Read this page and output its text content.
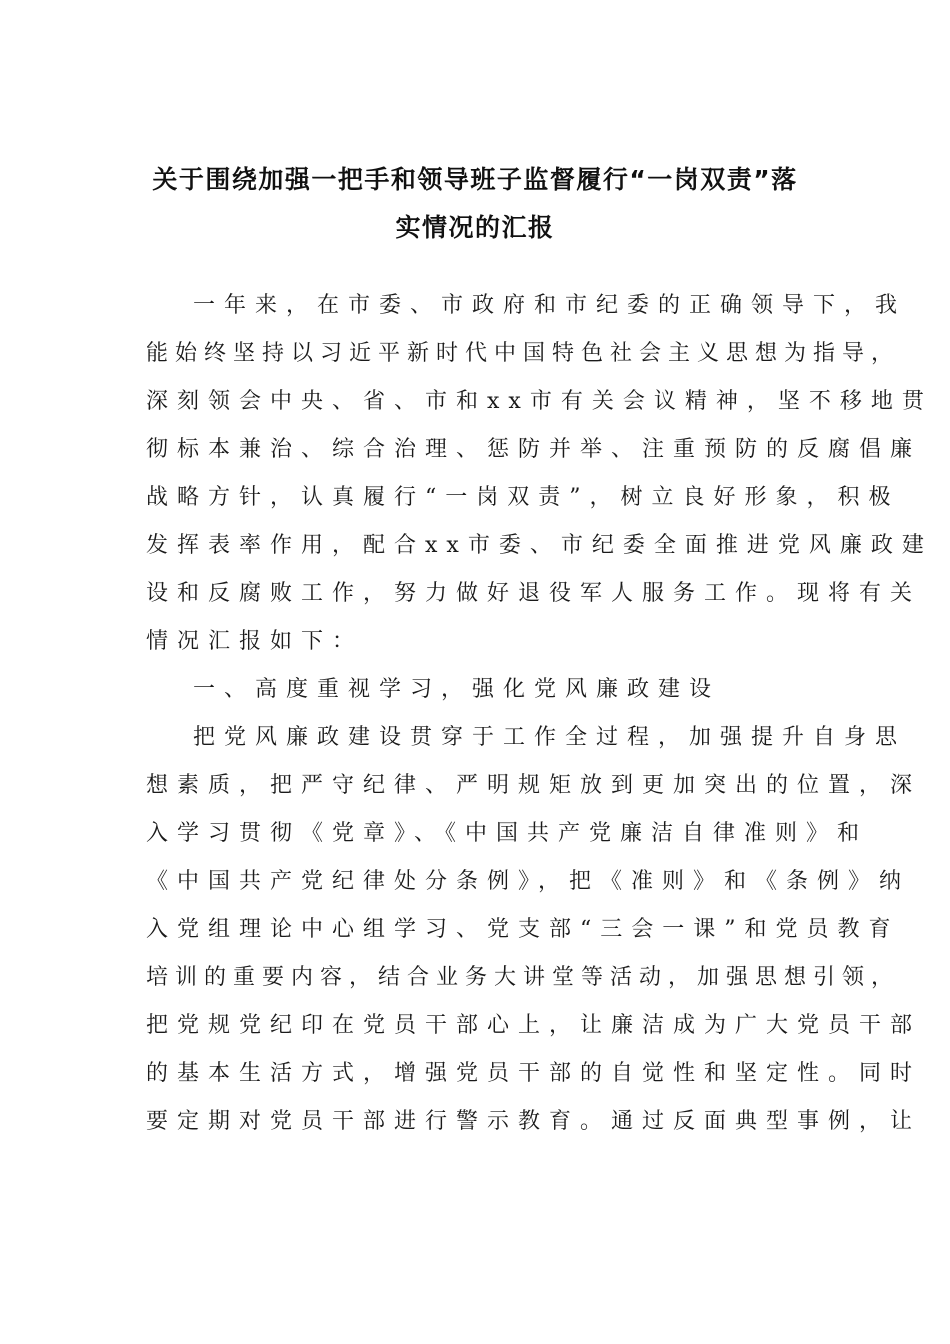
关于围绕加强一把手和领导班子监督履行“一岗双责”落
实情况的汇报
一年来，在市委、市政府和市纪委的正确领导下，我
能始终坚持以习近平新时代中国特色社会主义思想为指导，
深刻领会中央、省、市和xx市有关会议精神，坚不移地贯
彻标本兼治、综合治理、惩防并举、注重预防的反腐倡廉
战略方针，认真履行“一岗双责”，树立良好形象，积极
发挥表率作用，配合xx市委、市纪委全面推进党风廉政建
设和反腐败工作，努力做好退役军人服务工作。现将有关
情况汇报如下：
一、高度重视学习，强化党风廉政建设
把党风廉政建设贯穿于工作全过程，加强提升自身思
想素质，把严守纪律、严明规矩放到更加突出的位置，深
入学习贯彻《党章》、《中国共产党廉洁自律准则》和
《中国共产党纪律处分条例》，把《准则》和《条例》纳
入党组理论中心组学习、党支部“三会一课”和党员教育
培训的重要内容，结合业务大讲堂等活动，加强思想引领，
把党规党纪印在党员干部心上，让廉洁成为广大党员干部
的基本生活方式，增强党员干部的自觉性和坚定性。同时
要定期对党员干部进行警示教育。通过反面典型事例，让
